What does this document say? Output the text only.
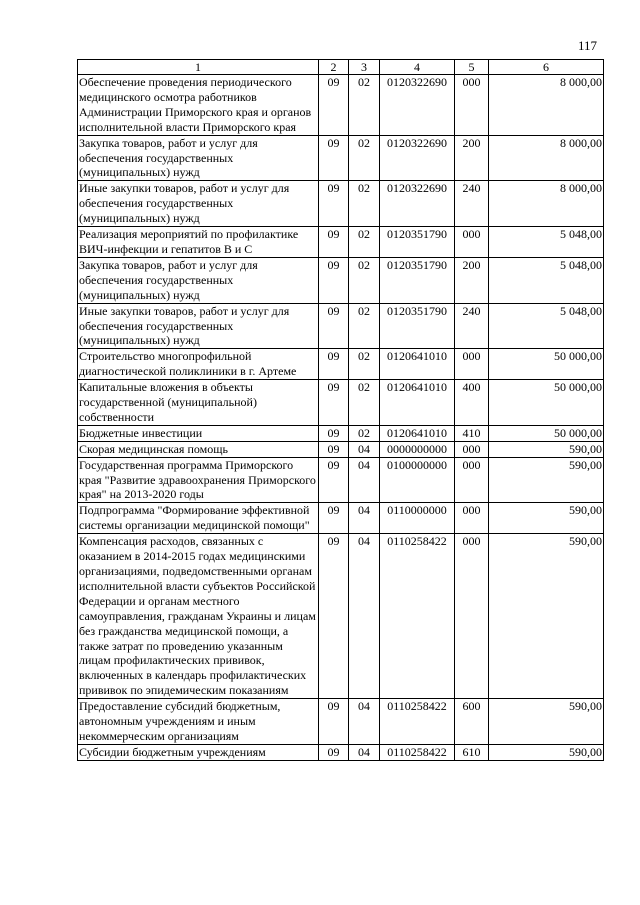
117
1	2	3	4	5	6
Обеспечение проведения периодического медицинского осмотра работников Администрации Приморского края и органов исполнительной власти Приморского края	09	02	0120322690	000	8 000,00
Закупка товаров, работ и услуг для обеспечения государственных (муниципальных) нужд	09	02	0120322690	200	8 000,00
Иные закупки товаров, работ и услуг для обеспечения государственных (муниципальных) нужд	09	02	0120322690	240	8 000,00
Реализация мероприятий по профилактике ВИЧ-инфекции и гепатитов В и С	09	02	0120351790	000	5 048,00
Закупка товаров, работ и услуг для обеспечения государственных (муниципальных) нужд	09	02	0120351790	200	5 048,00
Иные закупки товаров, работ и услуг для обеспечения государственных (муниципальных) нужд	09	02	0120351790	240	5 048,00
Строительство многопрофильной диагностической поликлиники в г. Артеме	09	02	0120641010	000	50 000,00
Капитальные вложения в объекты государственной (муниципальной) собственности	09	02	0120641010	400	50 000,00
Бюджетные инвестиции	09	02	0120641010	410	50 000,00
Скорая медицинская помощь	09	04	0000000000	000	590,00
Государственная программа Приморского края "Развитие здравоохранения Приморского края" на 2013-2020 годы	09	04	0100000000	000	590,00
Подпрограмма "Формирование эффективной системы организации медицинской помощи"	09	04	0110000000	000	590,00
Компенсация расходов, связанных с оказанием в 2014-2015 годах медицинскими организациями, подведомственными органам исполнительной власти субъектов Российской Федерации и органам местного самоуправления, гражданам Украины и лицам без гражданства медицинской помощи, а также затрат по проведению указанным лицам профилактических прививок, включенных в календарь профилактических прививок по эпидемическим показаниям	09	04	0110258422	000	590,00
Предоставление субсидий бюджетным, автономным учреждениям и иным некоммерческим организациям	09	04	0110258422	600	590,00
Субсидии бюджетным учреждениям	09	04	0110258422	610	590,00
